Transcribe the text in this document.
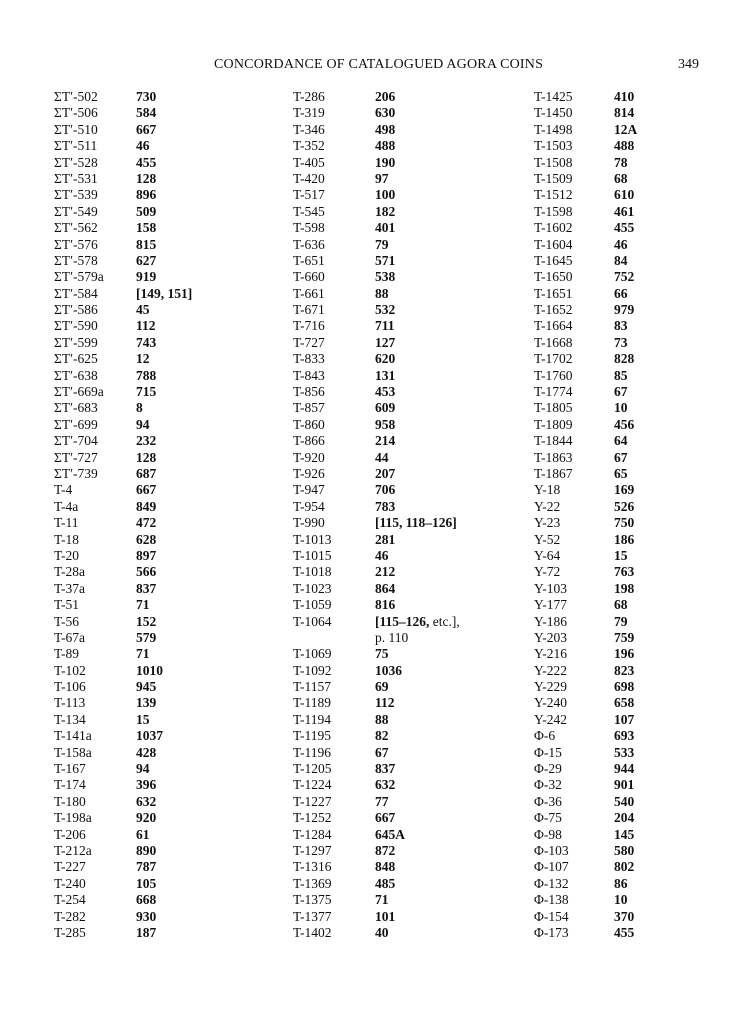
CONCORDANCE OF CATALOGUED AGORA COINS	349
ΣΤ′-502	730
ΣΤ′-506	584
ΣΤ′-510	667
ΣΤ′-511	46
ΣΤ′-528	455
ΣΤ′-531	128
ΣΤ′-539	896
ΣΤ′-549	509
ΣΤ′-562	158
ΣΤ′-576	815
ΣΤ′-578	627
ΣΤ′-579a 919
ΣΤ′-584	[149, 151]
ΣΤ′-586	45
ΣΤ′-590	112
ΣΤ′-599	743
ΣΤ′-625	12
ΣΤ′-638	788
ΣΤ′-669a 715
ΣΤ′-683	8
ΣΤ′-699	94
ΣΤ′-704	232
ΣΤ′-727	128
ΣΤ′-739	687
Τ-4	667
Τ-4a	849
Τ-11	472
Τ-18	628
Τ-20	897
Τ-28a	566
Τ-37a	837
Τ-51	71
Τ-56	152
Τ-67a	579
Τ-89	71
Τ-102	1010
Τ-106	945
Τ-113	139
Τ-134	15
Τ-141a	1037
Τ-158a	428
Τ-167	94
Τ-174	396
Τ-180	632
Τ-198a	920
Τ-206	61
Τ-212a	890
Τ-227	787
Τ-240	105
Τ-254	668
Τ-282	930
Τ-285	187
Τ-286	206
Τ-319	630
Τ-346	498
Τ-352	488
Τ-405	190
Τ-420	97
Τ-517	100
Τ-545	182
Τ-598	401
Τ-636	79
Τ-651	571
Τ-660	538
Τ-661	88
Τ-671	532
Τ-716	711
Τ-727	127
Τ-833	620
Τ-843	131
Τ-856	453
Τ-857	609
Τ-860	958
Τ-866	214
Τ-920	44
Τ-926	207
Τ-947	706
Τ-954	783
Τ-990	[115, 118–126]
Τ-1013	281
Τ-1015	46
Τ-1018	212
Τ-1023	864
Τ-1059	816
Τ-1064	[115–126, etc.],
p. 110
Τ-1069	75
Τ-1092	1036
Τ-1157	69
Τ-1189	112
Τ-1194	88
Τ-1195	82
Τ-1196	67
Τ-1205	837
Τ-1224	632
Τ-1227	77
Τ-1252	667
Τ-1284	645A
Τ-1297	872
Τ-1316	848
Τ-1369	485
Τ-1375	71
Τ-1377	101
Τ-1402	40
Τ-1425	410
Τ-1450	814
Τ-1498	12A
Τ-1503	488
Τ-1508	78
Τ-1509	68
Τ-1512	610
Τ-1598	461
Τ-1602	455
Τ-1604	46
Τ-1645	84
Τ-1650	752
Τ-1651	66
Τ-1652	979
Τ-1664	83
Τ-1668	73
Τ-1702	828
Τ-1760	85
Τ-1774	67
Τ-1805	10
Τ-1809	456
Τ-1844	64
Τ-1863	67
Τ-1867	65
Υ-18	169
Υ-22	526
Υ-23	750
Υ-52	186
Υ-64	15
Υ-72	763
Υ-103	198
Υ-177	68
Υ-186	79
Υ-203	759
Υ-216	196
Υ-222	823
Υ-229	698
Υ-240	658
Υ-242	107
Φ-6	693
Φ-15	533
Φ-29	944
Φ-32	901
Φ-36	540
Φ-75	204
Φ-98	145
Φ-103	580
Φ-107	802
Φ-132	86
Φ-138	10
Φ-154	370
Φ-173	455
